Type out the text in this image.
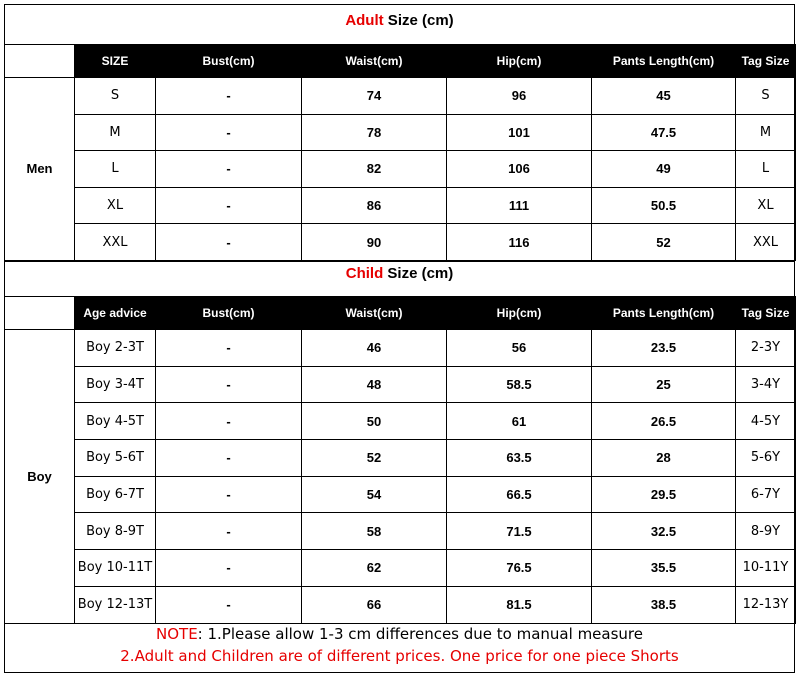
Adult Size (cm)
	SIZE	Bust(cm)	Waist(cm)	Hip(cm)	Pants Length(cm)	Tag Size
Men	S	-	74	96	45	S
	M	-	78	101	47.5	M
	L	-	82	106	49	L
	XL	-	86	111	50.5	XL
	XXL	-	90	116	52	XXL
Child Size (cm)
	Age advice	Bust(cm)	Waist(cm)	Hip(cm)	Pants Length(cm)	Tag Size
Boy	Boy 2-3T	-	46	56	23.5	2-3Y
	Boy 3-4T	-	48	58.5	25	3-4Y
	Boy 4-5T	-	50	61	26.5	4-5Y
	Boy 5-6T	-	52	63.5	28	5-6Y
	Boy 6-7T	-	54	66.5	29.5	6-7Y
	Boy 8-9T	-	58	71.5	32.5	8-9Y
	Boy 10-11T	-	62	76.5	35.5	10-11Y
	Boy 12-13T	-	66	81.5	38.5	12-13Y
NOTE: 1.Please allow 1-3 cm differences due to manual measure
2.Adult and Children are of different prices. One price for one piece Shorts
